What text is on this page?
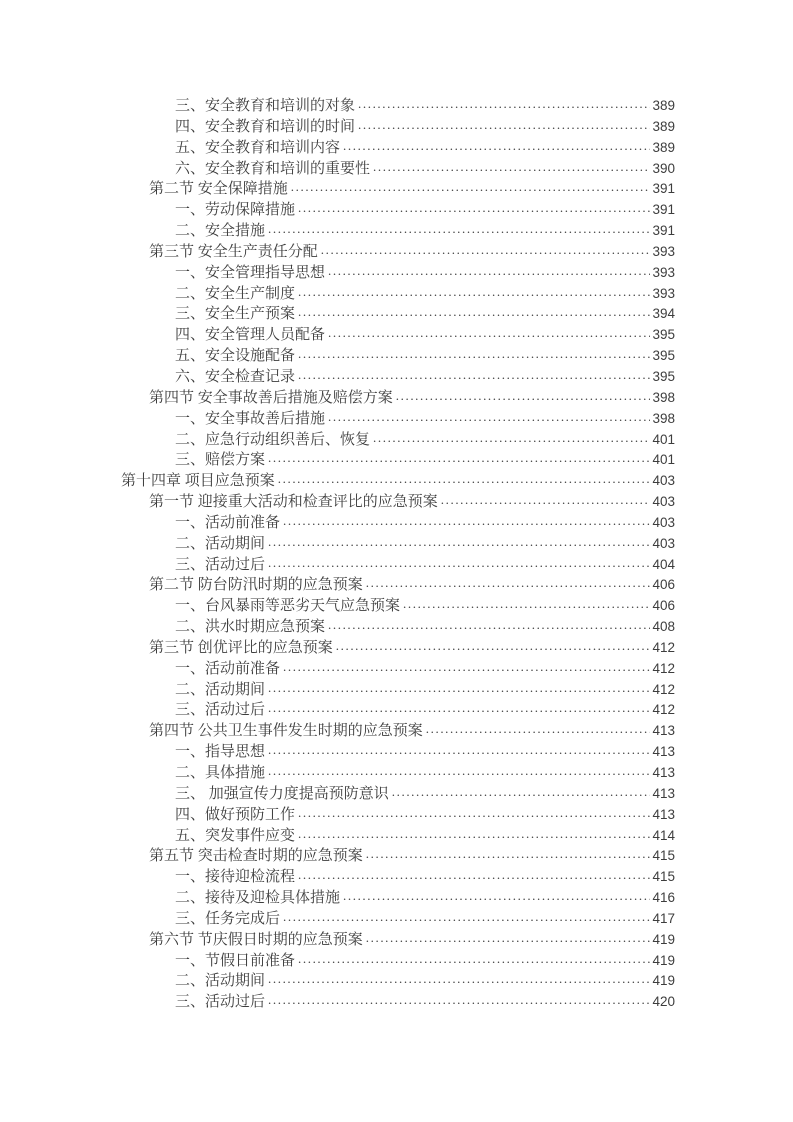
三、安全教育和培训的对象 .....	389
四、安全教育和培训的时间 .....	389
五、安全教育和培训内容 .....	389
六、安全教育和培训的重要性 .....	390
第二节 安全保障措施 .....	391
一、劳动保障措施 .....	391
二、安全措施 .....	391
第三节 安全生产责任分配 .....	393
一、安全管理指导思想 .....	393
二、安全生产制度 .....	393
三、安全生产预案 .....	394
四、安全管理人员配备 .....	395
五、安全设施配备 .....	395
六、安全检查记录 .....	395
第四节 安全事故善后措施及赔偿方案 .....	398
一、安全事故善后措施 .....	398
二、应急行动组织善后、恢复 .....	401
三、赔偿方案 .....	401
第十四章 项目应急预案 .....	403
第一节 迎接重大活动和检查评比的应急预案 .....	403
一、活动前准备 .....	403
二、活动期间 .....	403
三、活动过后 .....	404
第二节 防台防汛时期的应急预案 .....	406
一、台风暴雨等恶劣天气应急预案 .....	406
二、洪水时期应急预案 .....	408
第三节 创优评比的应急预案 .....	412
一、活动前准备 .....	412
二、活动期间 .....	412
三、活动过后 .....	412
第四节 公共卫生事件发生时期的应急预案 .....	413
一、指导思想 .....	413
二、具体措施 .....	413
三、 加强宣传力度提高预防意识 .....	413
四、做好预防工作 .....	413
五、突发事件应变 .....	414
第五节 突击检查时期的应急预案 .....	415
一、接待迎检流程 .....	415
二、接待及迎检具体措施 .....	416
三、任务完成后 .....	417
第六节 节庆假日时期的应急预案 .....	419
一、节假日前准备 .....	419
二、活动期间 .....	419
三、活动过后 .....	420
